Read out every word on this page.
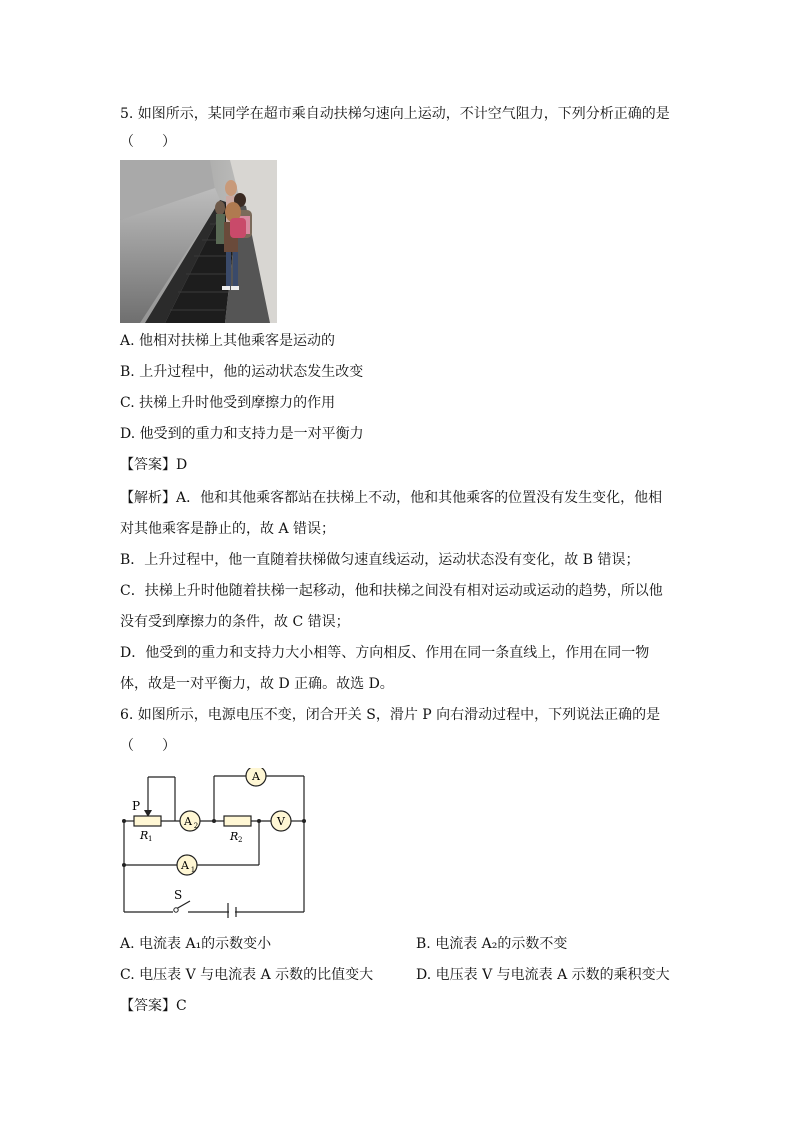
5. 如图所示，某同学在超市乘自动扶梯匀速向上运动，不计空气阻力，下列分析正确的是
（　　）
A. 他相对扶梯上其他乘客是运动的
B. 上升过程中，他的运动状态发生改变
C. 扶梯上升时他受到摩擦力的作用
D. 他受到的重力和支持力是一对平衡力
【答案】D
【解析】A．他和其他乘客都站在扶梯上不动，他和其他乘客的位置没有发生变化，他相
对其他乘客是静止的，故 A 错误；
B．上升过程中，他一直随着扶梯做匀速直线运动，运动状态没有变化，故 B 错误；
C．扶梯上升时他随着扶梯一起移动，他和扶梯之间没有相对运动或运动的趋势，所以他
没有受到摩擦力的条件，故 C 错误；
D．他受到的重力和支持力大小相等、方向相反、作用在同一条直线上，作用在同一物
体，故是一对平衡力，故 D 正确。故选 D。
6. 如图所示，电源电压不变，闭合开关 S，滑片 P 向右滑动过程中，下列说法正确的是
（　　）
A
A 2	V
A 1
P
R 1	R 2
S
A. 电流表 A₁的示数变小	B. 电流表 A₂的示数不变
C. 电压表 V 与电流表 A 示数的比值变大	D. 电压表 V 与电流表 A 示数的乘积变大
【答案】C
